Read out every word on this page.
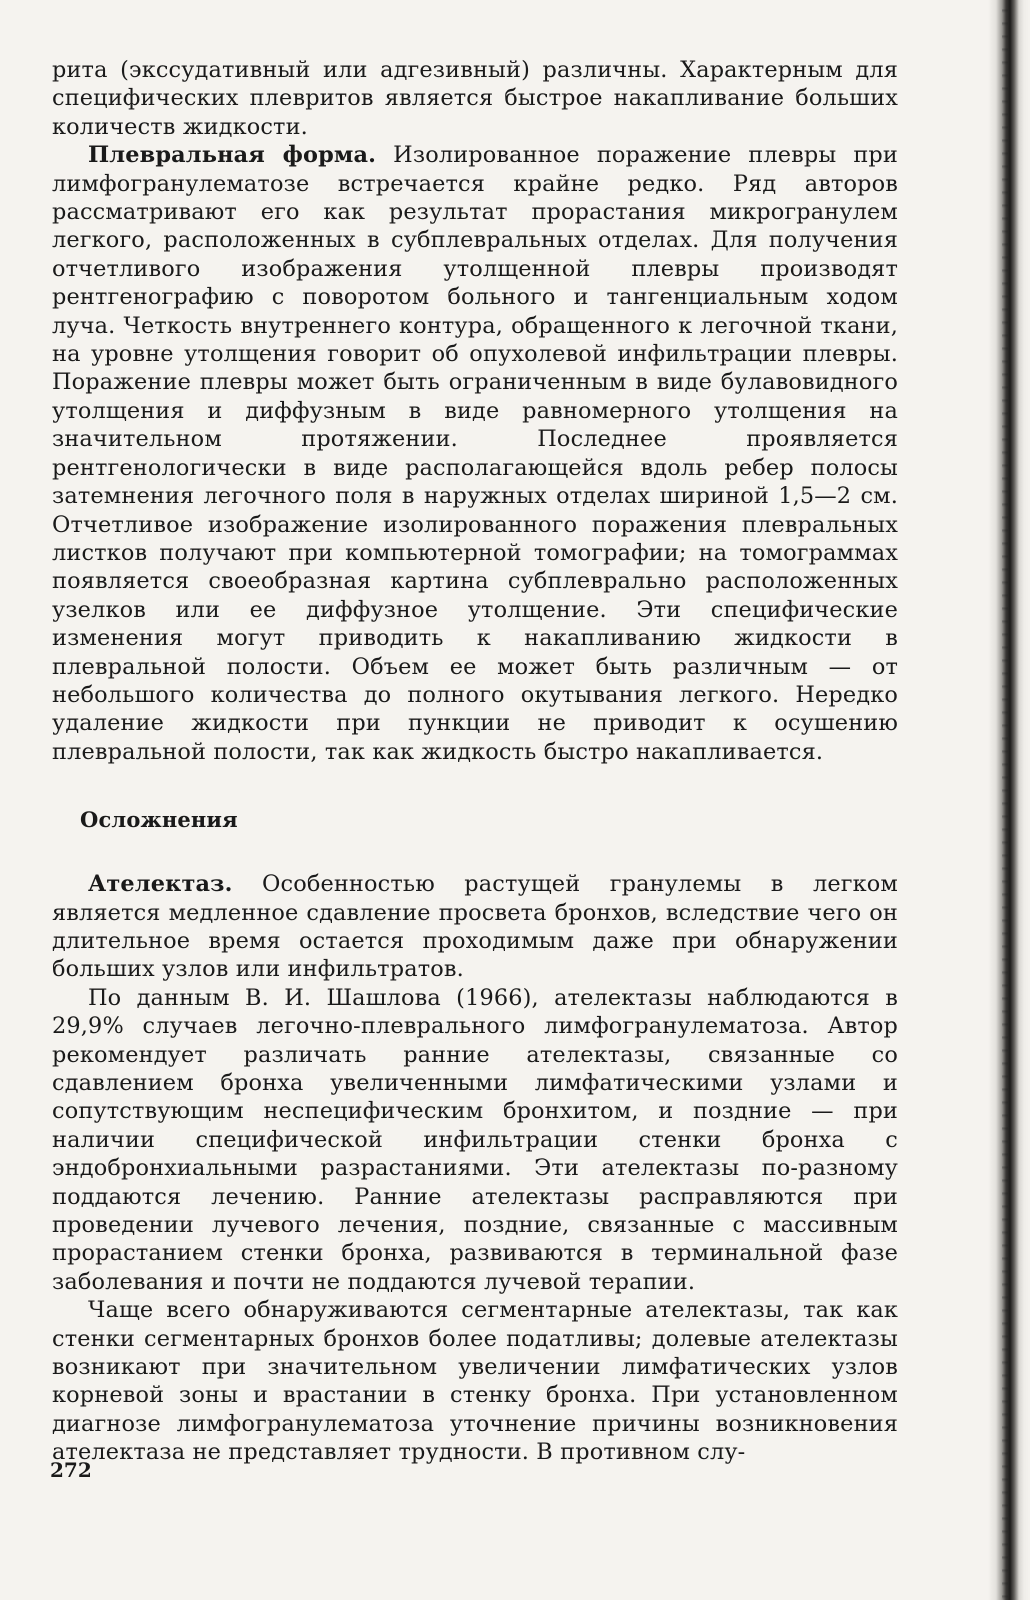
рита (экссудативный или адгезивный) различны. Характерным для специфических плевритов является быстрое накапливание больших количеств жидкости.

Плевральная форма. Изолированное поражение плевры при лимфогранулематозе встречается крайне редко. Ряд авторов рассматривают его как результат прорастания микрогранулем легкого, расположенных в субплевральных отделах. Для получения отчетливого изображения утолщенной плевры производят рентгенографию с поворотом больного и тангенциальным ходом луча. Четкость внутреннего контура, обращенного к легочной ткани, на уровне утолщения говорит об опухолевой инфильтрации плевры. Поражение плевры может быть ограниченным в виде булавовидного утолщения и диффузным в виде равномерного утолщения на значительном протяжении. Последнее проявляется рентгенологически в виде располагающейся вдоль ребер полосы затемнения легочного поля в наружных отделах шириной 1,5—2 см. Отчетливое изображение изолированного поражения плевральных листков получают при компьютерной томографии; на томограммах появляется своеобразная картина субплеврально расположенных узелков или ее диффузное утолщение. Эти специфические изменения могут приводить к накапливанию жидкости в плевральной полости. Объем ее может быть различным — от небольшого количества до полного окутывания легкого. Нередко удаление жидкости при пункции не приводит к осушению плевральной полости, так как жидкость быстро накапливается.

Осложнения

Ателектаз. Особенностью растущей гранулемы в легком является медленное сдавление просвета бронхов, вследствие чего он длительное время остается проходимым даже при обнаружении больших узлов или инфильтратов.

По данным В. И. Шашлова (1966), ателектазы наблюдаются в 29,9% случаев легочно-плеврального лимфогранулематоза. Автор рекомендует различать ранние ателектазы, связанные со сдавлением бронха увеличенными лимфатическими узлами и сопутствующим неспецифическим бронхитом, и поздние — при наличии специфической инфильтрации стенки бронха с эндобронхиальными разрастаниями. Эти ателектазы по-разному поддаются лечению. Ранние ателектазы расправляются при проведении лучевого лечения, поздние, связанные с массивным прорастанием стенки бронха, развиваются в терминальной фазе заболевания и почти не поддаются лучевой терапии.

Чаще всего обнаруживаются сегментарные ателектазы, так как стенки сегментарных бронхов более податливы; долевые ателектазы возникают при значительном увеличении лимфатических узлов корневой зоны и врастании в стенку бронха. При установленном диагнозе лимфогранулематоза уточнение причины возникновения ателектаза не представляет трудности. В противном слу-

272
